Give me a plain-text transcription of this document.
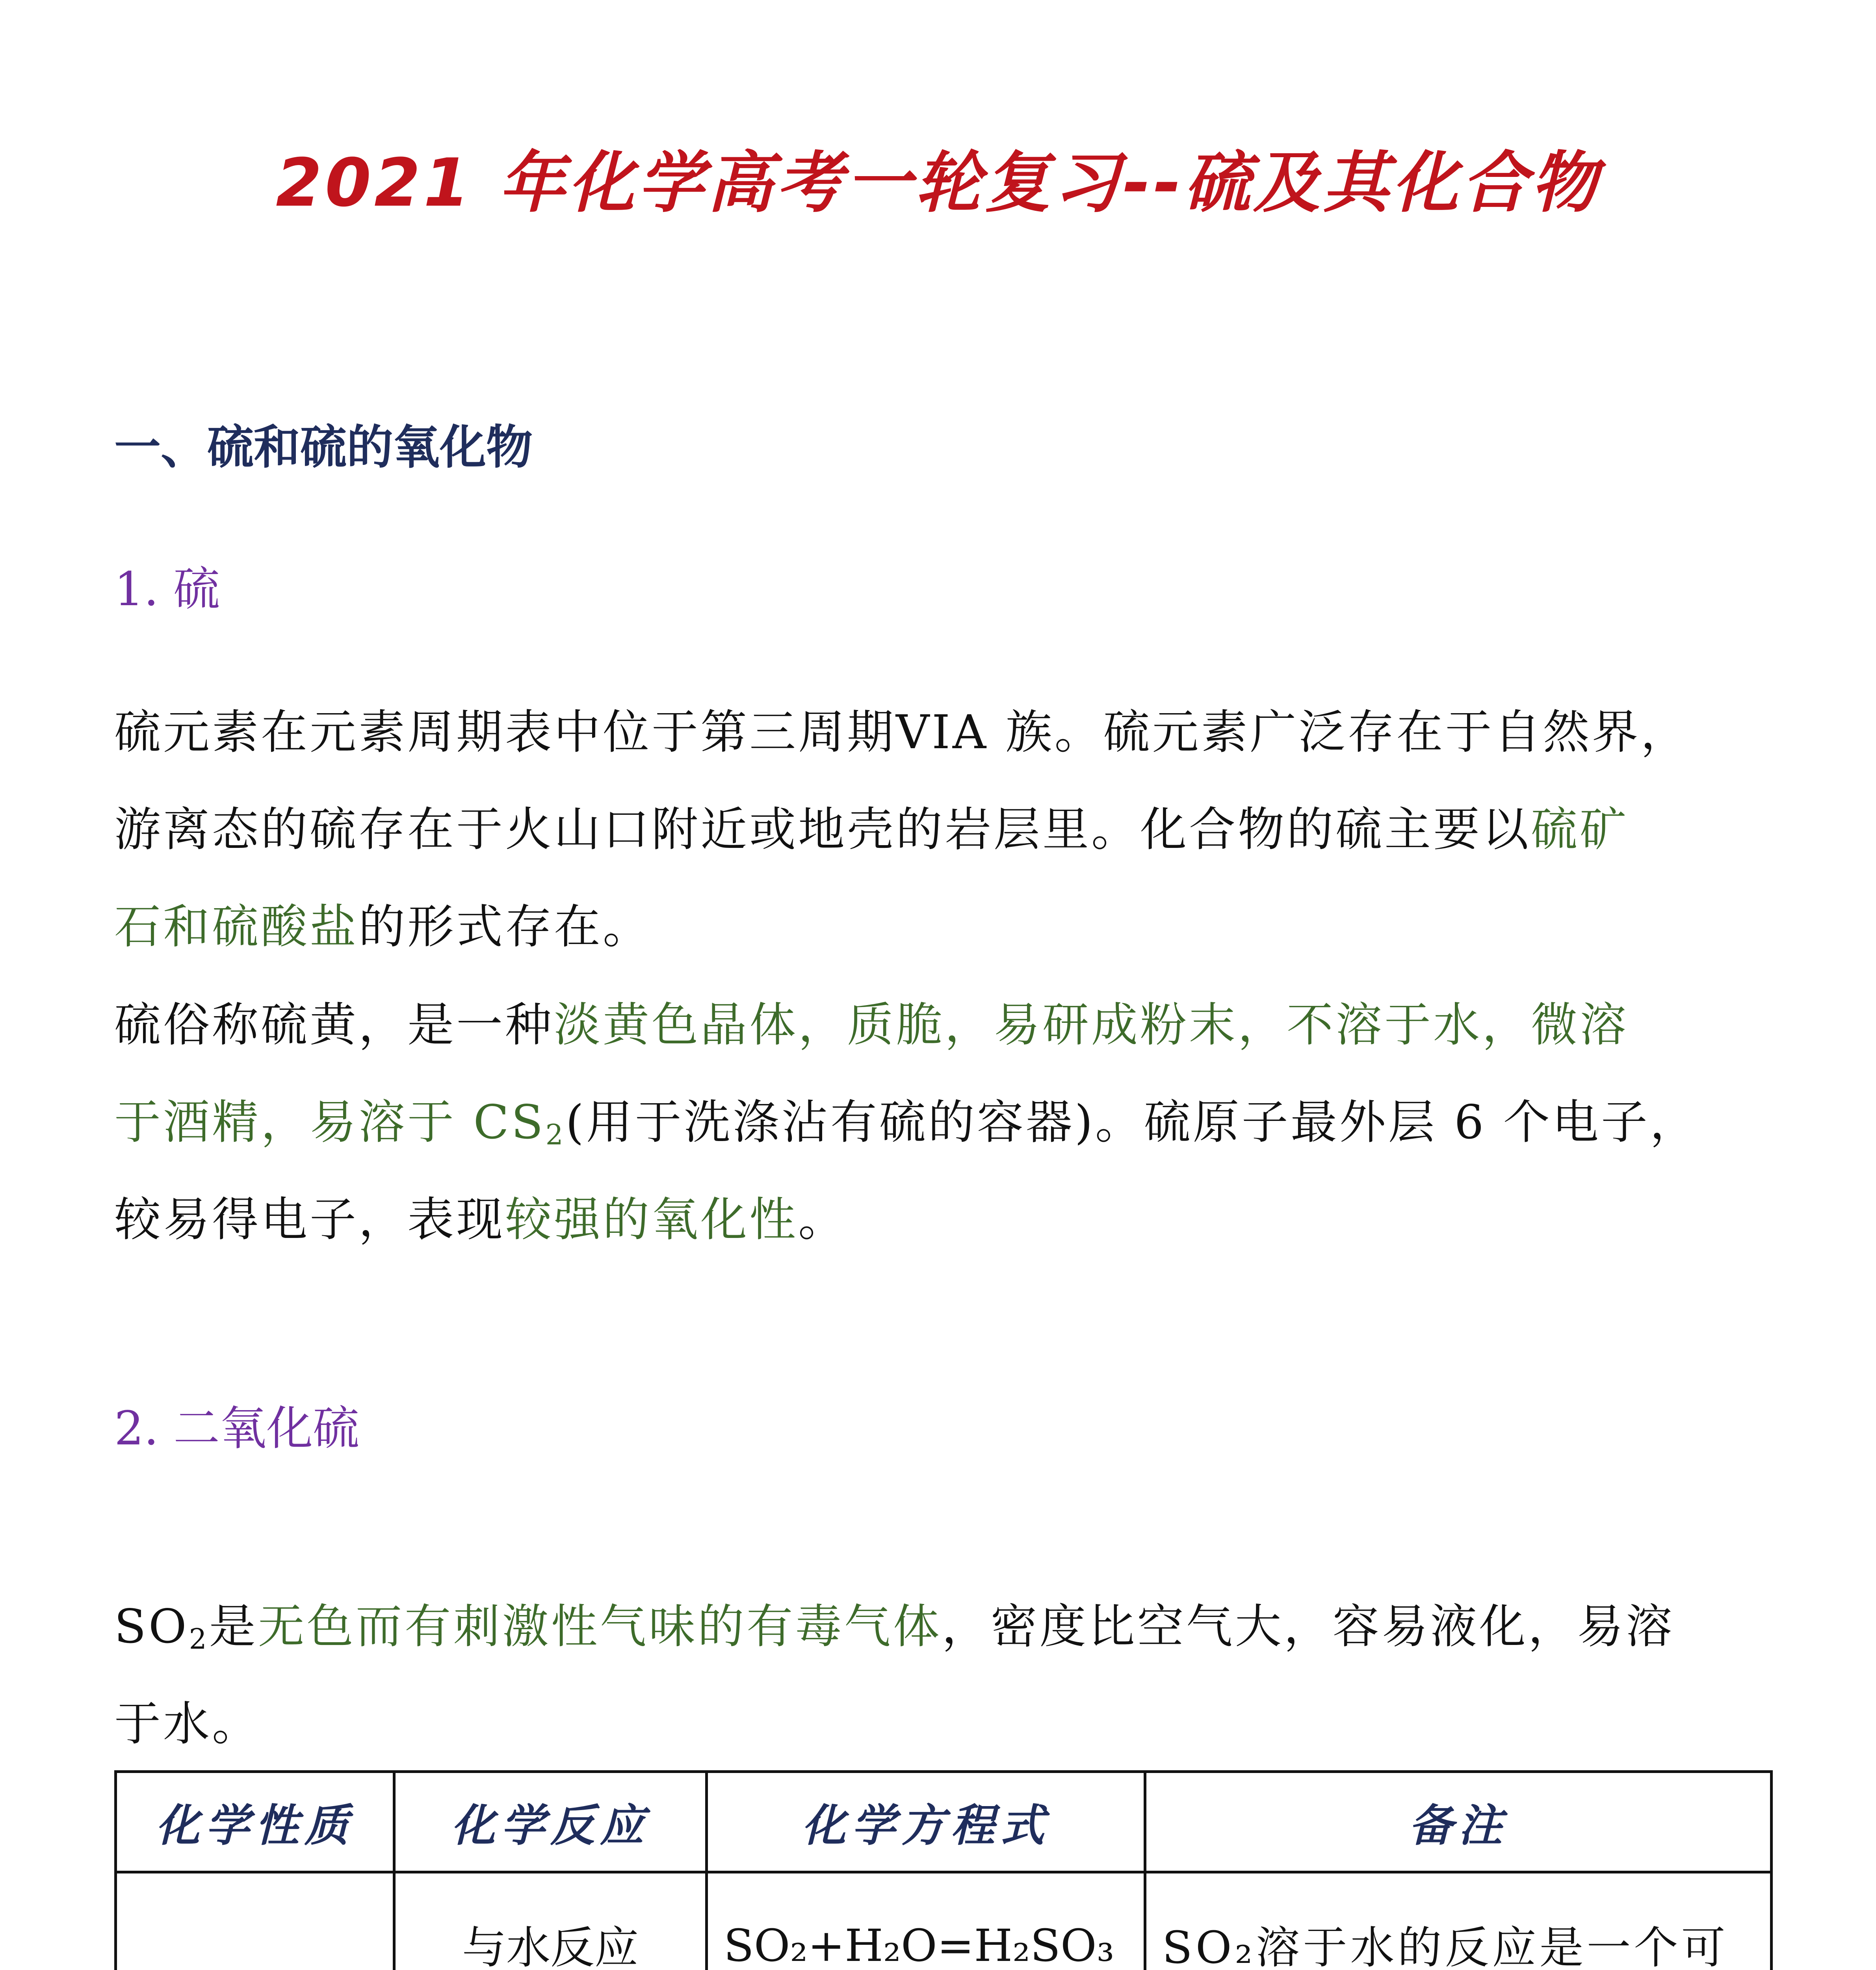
2021 年化学高考一轮复习--硫及其化合物
一、硫和硫的氧化物
1. 硫
硫元素在元素周期表中位于第三周期VIA 族。硫元素广泛存在于自然界，
游离态的硫存在于火山口附近或地壳的岩层里。化合物的硫主要以硫矿
石和硫酸盐的形式存在。
硫俗称硫黄，是一种淡黄色晶体，质脆，易研成粉末，不溶于水，微溶
于酒精，易溶于 $CS_2$(用于洗涤沾有硫的容器)。硫原子最外层 6 个电子，
较易得电子，表现较强的氧化性。
2. 二氧化硫
$SO_2$是无色而有刺激性气味的有毒气体，密度比空气大，容易液化，易溶
于水。
化学性质	化学反应	化学方程式	备注
	与水反应	SO₂+H₂O=H₂SO₃	SO₂溶于水的反应是一个可
